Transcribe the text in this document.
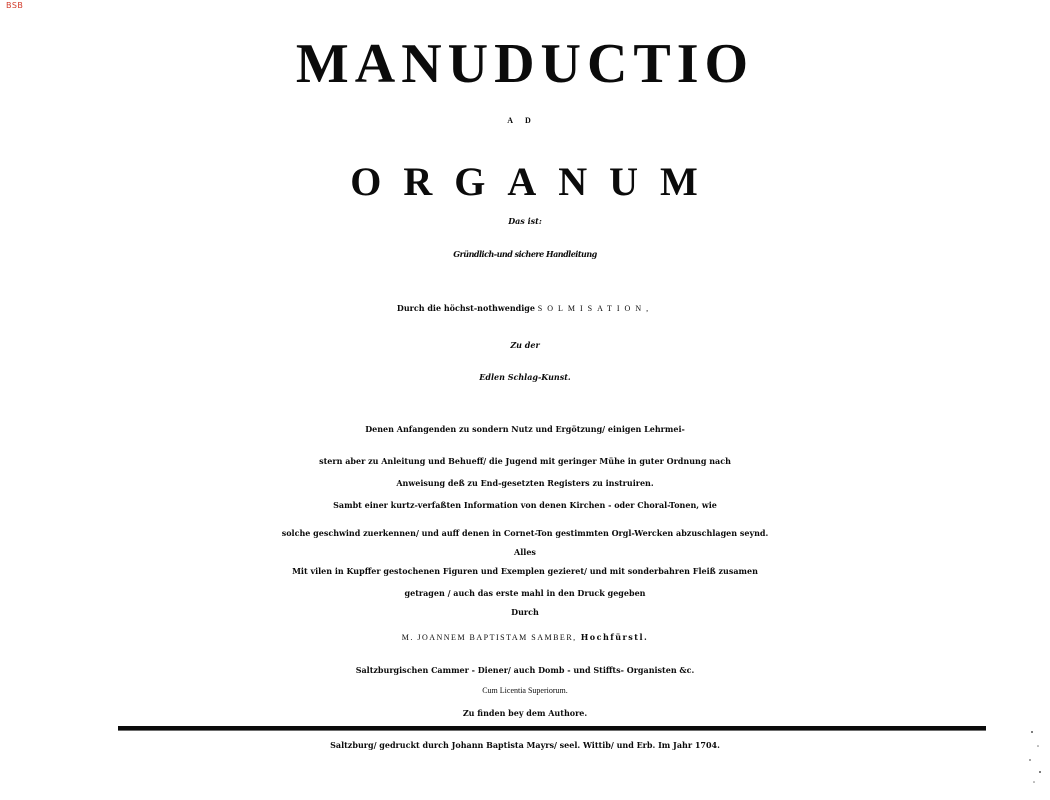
BSB
MANUDUCTIO
AD
ORGANUM
Das ist:
Gründlich-und sichere Handleitung
Durch die höchst-nothwendige SOLMISATION,
Zu der
Edlen Schlag-Kunst.
Denen Anfangenden zu sondern Nutz und Ergötzung/ einigen Lehrmei-
stern aber zu Anleitung und Behueff/ die Jugend mit geringer Mühe in guter Ordnung nach
Anweisung deß zu End-gesetzten Registers zu instruiren.
Sambt einer kurtz-verfaßten Information von denen Kirchen - oder Choral-Tonen, wie
solche geschwind zuerkennen/ und auff denen in Cornet-Ton gestimmten Orgl-Wercken abzuschlagen seynd.
Alles
Mit vilen in Kupffer gestochenen Figuren und Exemplen gezieret/ und mit sonderbahren Fleiß zusamen
getragen / auch das erste mahl in den Druck gegeben
Durch
M. JOANNEM BAPTISTAM SAMBER, Hochfürstl.
Saltzburgischen Cammer - Diener/ auch Domb - und Stiffts- Organisten &c.
Cum Licentia Superiorum.
Zu finden bey dem Authore.
Saltzburg/ gedruckt durch Johann Baptista Mayrs/ seel. Wittib/ und Erb. Im Jahr 1704.
